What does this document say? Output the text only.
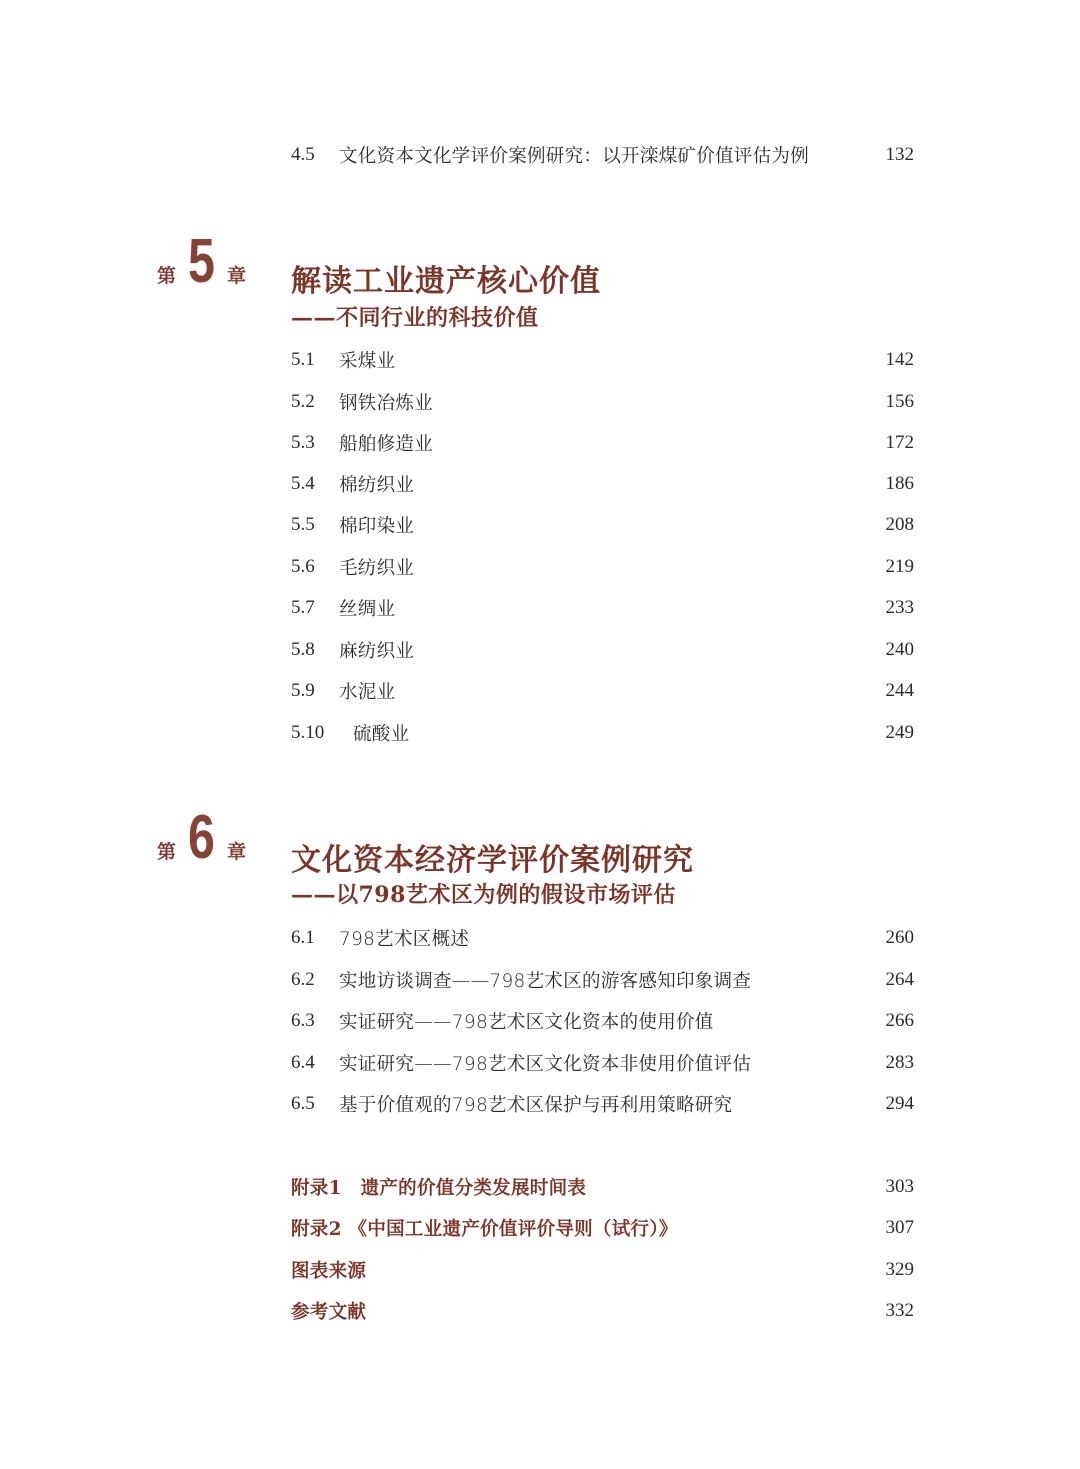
4.5	文化资本文化学评价案例研究：以开滦煤矿价值评估为例	132
第 5 章 解读工业遗产核心价值
——不同行业的科技价值
5.1	采煤业	142
5.2	钢铁冶炼业	156
5.3	船舶修造业	172
5.4	棉纺织业	186
5.5	棉印染业	208
5.6	毛纺织业	219
5.7	丝绸业	233
5.8	麻纺织业	240
5.9	水泥业	244
5.10	硫酸业	249
第 6 章 文化资本经济学评价案例研究
——以798艺术区为例的假设市场评估
6.1	798艺术区概述	260
6.2	实地访谈调查——798艺术区的游客感知印象调查	264
6.3	实证研究——798艺术区文化资本的使用价值	266
6.4	实证研究——798艺术区文化资本非使用价值评估	283
6.5	基于价值观的798艺术区保护与再利用策略研究	294
附录1　遗产的价值分类发展时间表	303
附录2 《中国工业遗产价值评价导则（试行）》	307
图表来源	329
参考文献	332
